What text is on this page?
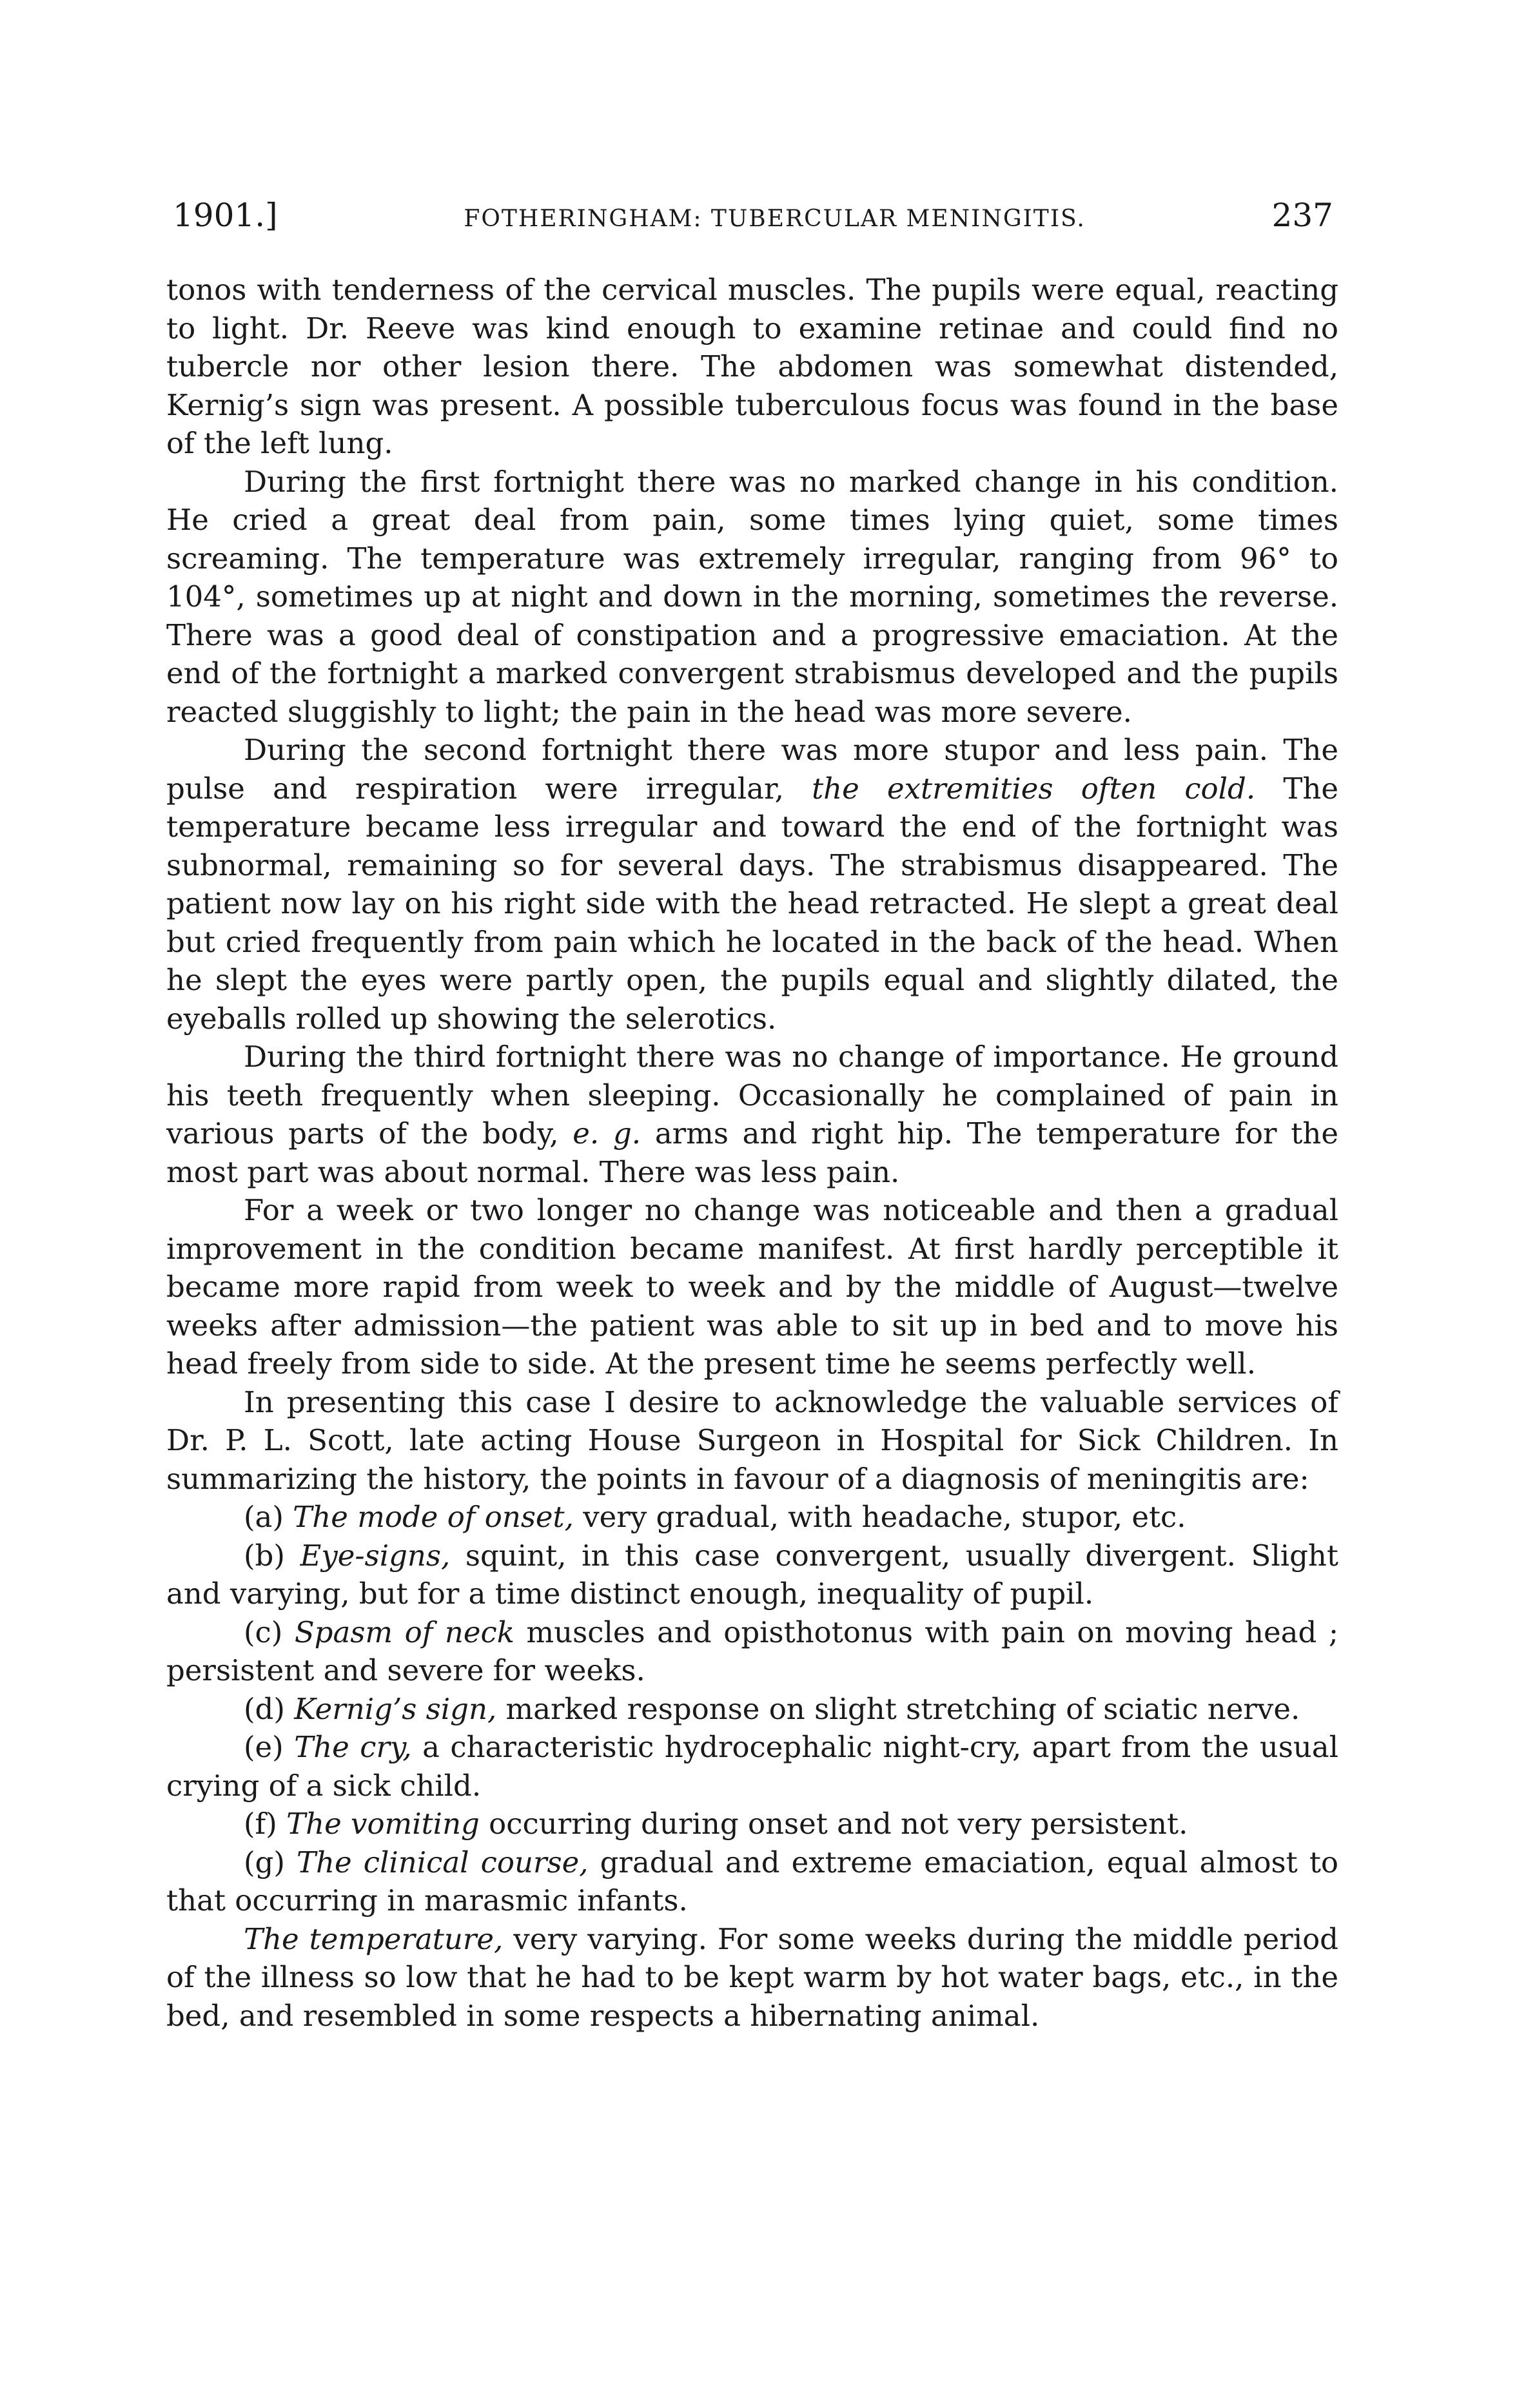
1901.]	FOTHERINGHAM: TUBERCULAR MENINGITIS.	237

tonos with tenderness of the cervical muscles. The pupils were equal, reacting to light. Dr. Reeve was kind enough to examine retinae and could find no tubercle nor other lesion there. The abdomen was somewhat distended, Kernig’s sign was present. A possible tuberculous focus was found in the base of the left lung.

During the first fortnight there was no marked change in his condition. He cried a great deal from pain, some times lying quiet, some times screaming. The temperature was extremely irregular, ranging from 96° to 104°, sometimes up at night and down in the morning, sometimes the reverse. There was a good deal of constipation and a progressive emaciation. At the end of the fortnight a marked convergent strabismus developed and the pupils reacted sluggishly to light; the pain in the head was more severe.

During the second fortnight there was more stupor and less pain. The pulse and respiration were irregular, the extremities often cold. The temperature became less irregular and toward the end of the fortnight was subnormal, remaining so for several days. The strabismus disappeared. The patient now lay on his right side with the head retracted. He slept a great deal but cried frequently from pain which he located in the back of the head. When he slept the eyes were partly open, the pupils equal and slightly dilated, the eyeballs rolled up showing the selerotics.

During the third fortnight there was no change of importance. He ground his teeth frequently when sleeping. Occasionally he complained of pain in various parts of the body, e. g. arms and right hip. The temperature for the most part was about normal. There was less pain.

For a week or two longer no change was noticeable and then a gradual improvement in the condition became manifest. At first hardly perceptible it became more rapid from week to week and by the middle of August—twelve weeks after admission—the patient was able to sit up in bed and to move his head freely from side to side. At the present time he seems perfectly well.

In presenting this case I desire to acknowledge the valuable services of Dr. P. L. Scott, late acting House Surgeon in Hospital for Sick Children. In summarizing the history, the points in favour of a diagnosis of meningitis are:

(a) The mode of onset, very gradual, with headache, stupor, etc.

(b) Eye-signs, squint, in this case convergent, usually divergent. Slight and varying, but for a time distinct enough, inequality of pupil.

(c) Spasm of neck muscles and opisthotonus with pain on moving head ; persistent and severe for weeks.

(d) Kernig’s sign, marked response on slight stretching of sciatic nerve.

(e) The cry, a characteristic hydrocephalic night-cry, apart from the usual crying of a sick child.

(f) The vomiting occurring during onset and not very persistent.

(g) The clinical course, gradual and extreme emaciation, equal almost to that occurring in marasmic infants.

The temperature, very varying. For some weeks during the middle period of the illness so low that he had to be kept warm by hot water bags, etc., in the bed, and resembled in some respects a hibernating animal.
